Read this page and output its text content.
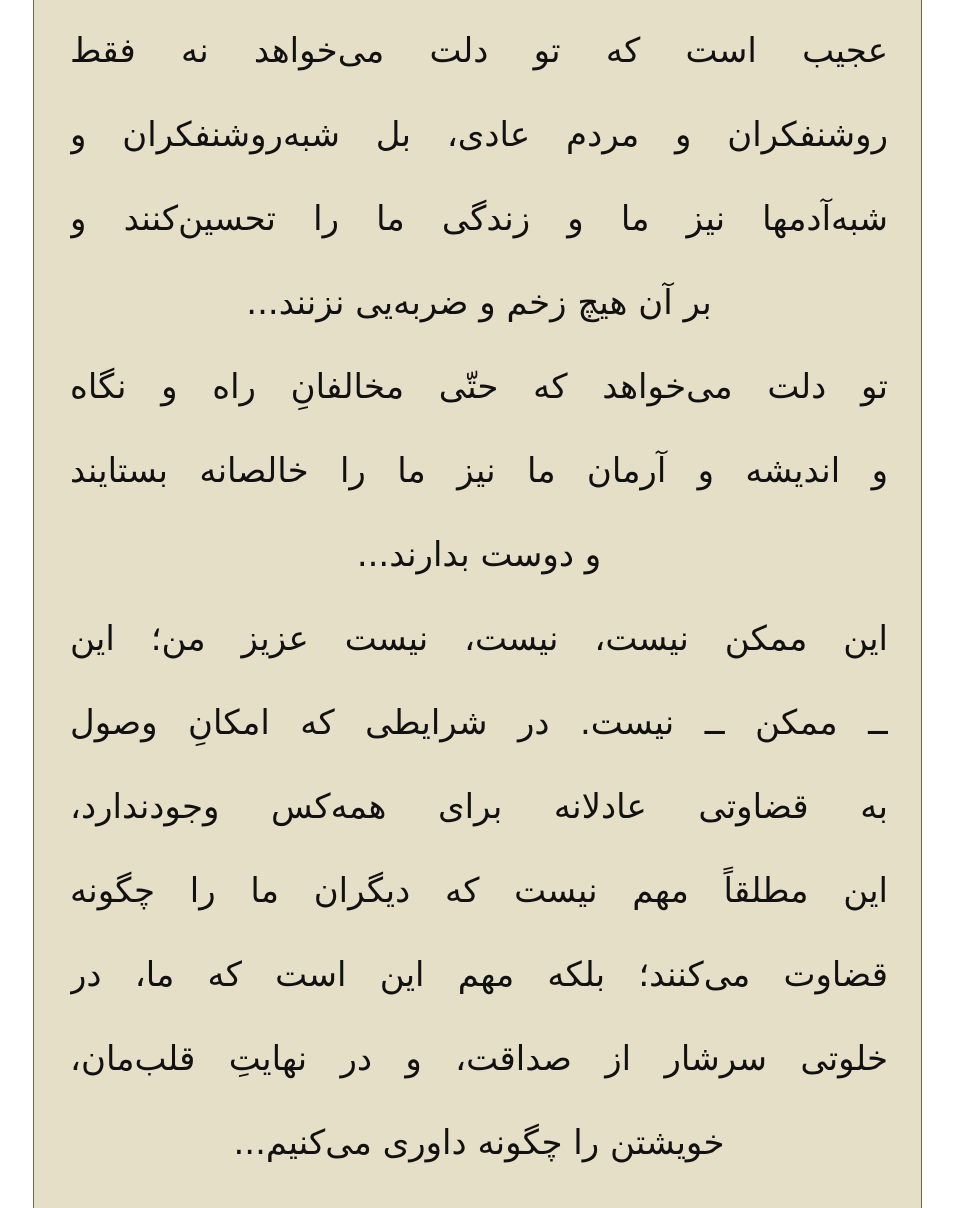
عجیب است که تو دلت می‌خواهد نه فقط
روشنفکران و مردم عادی، بل شبه‌روشنفکران و
شبه‌آدمها نیز ما و زندگی ما را تحسین‌کنند و
بر آن هیچ زخم و ضربه‌یی نزنند...
تو دلت می‌خواهد که حتّی مخالفانِ راه و نگاه
و اندیشه و آرمان ما نیز ما را خالصانه بستایند
و دوست بدارند...
این ممکن نیست، نیست، نیست عزیز من؛ این
ــ ممکن ــ نیست. در شرایطی که امکانِ وصول
به قضاوتی عادلانه برای همه‌کس وجودندارد،
این مطلقاً مهم نیست که دیگران ما را چگونه
قضاوت می‌کنند؛ بلکه مهم این است که ما، در
خلوتی سرشار از صداقت، و در نهایتِ قلب‌مان،
خویشتن را چگونه داوری می‌کنیم...
